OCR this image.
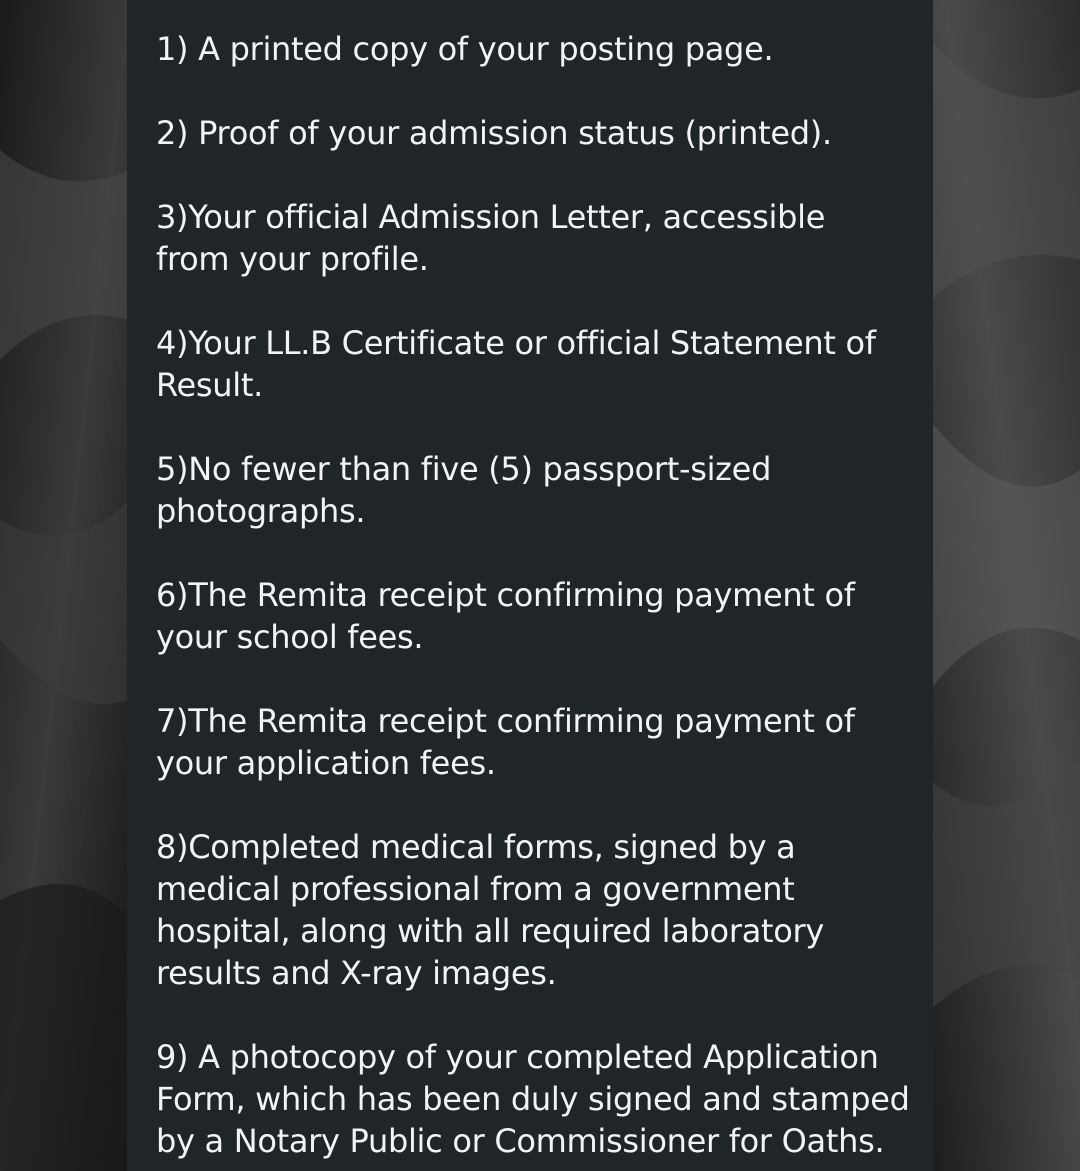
1) A printed copy of your posting page.
2) Proof of your admission status (printed).
3)Your official Admission Letter, accessible
from your profile.
4)Your LL.B Certificate or official Statement of
Result.
5)No fewer than five (5) passport-sized
photographs.
6)The Remita receipt confirming payment of
your school fees.
7)The Remita receipt confirming payment of
your application fees.
8)Completed medical forms, signed by a
medical professional from a government
hospital, along with all required laboratory
results and X-ray images.
9) A photocopy of your completed Application
Form, which has been duly signed and stamped
by a Notary Public or Commissioner for Oaths.
